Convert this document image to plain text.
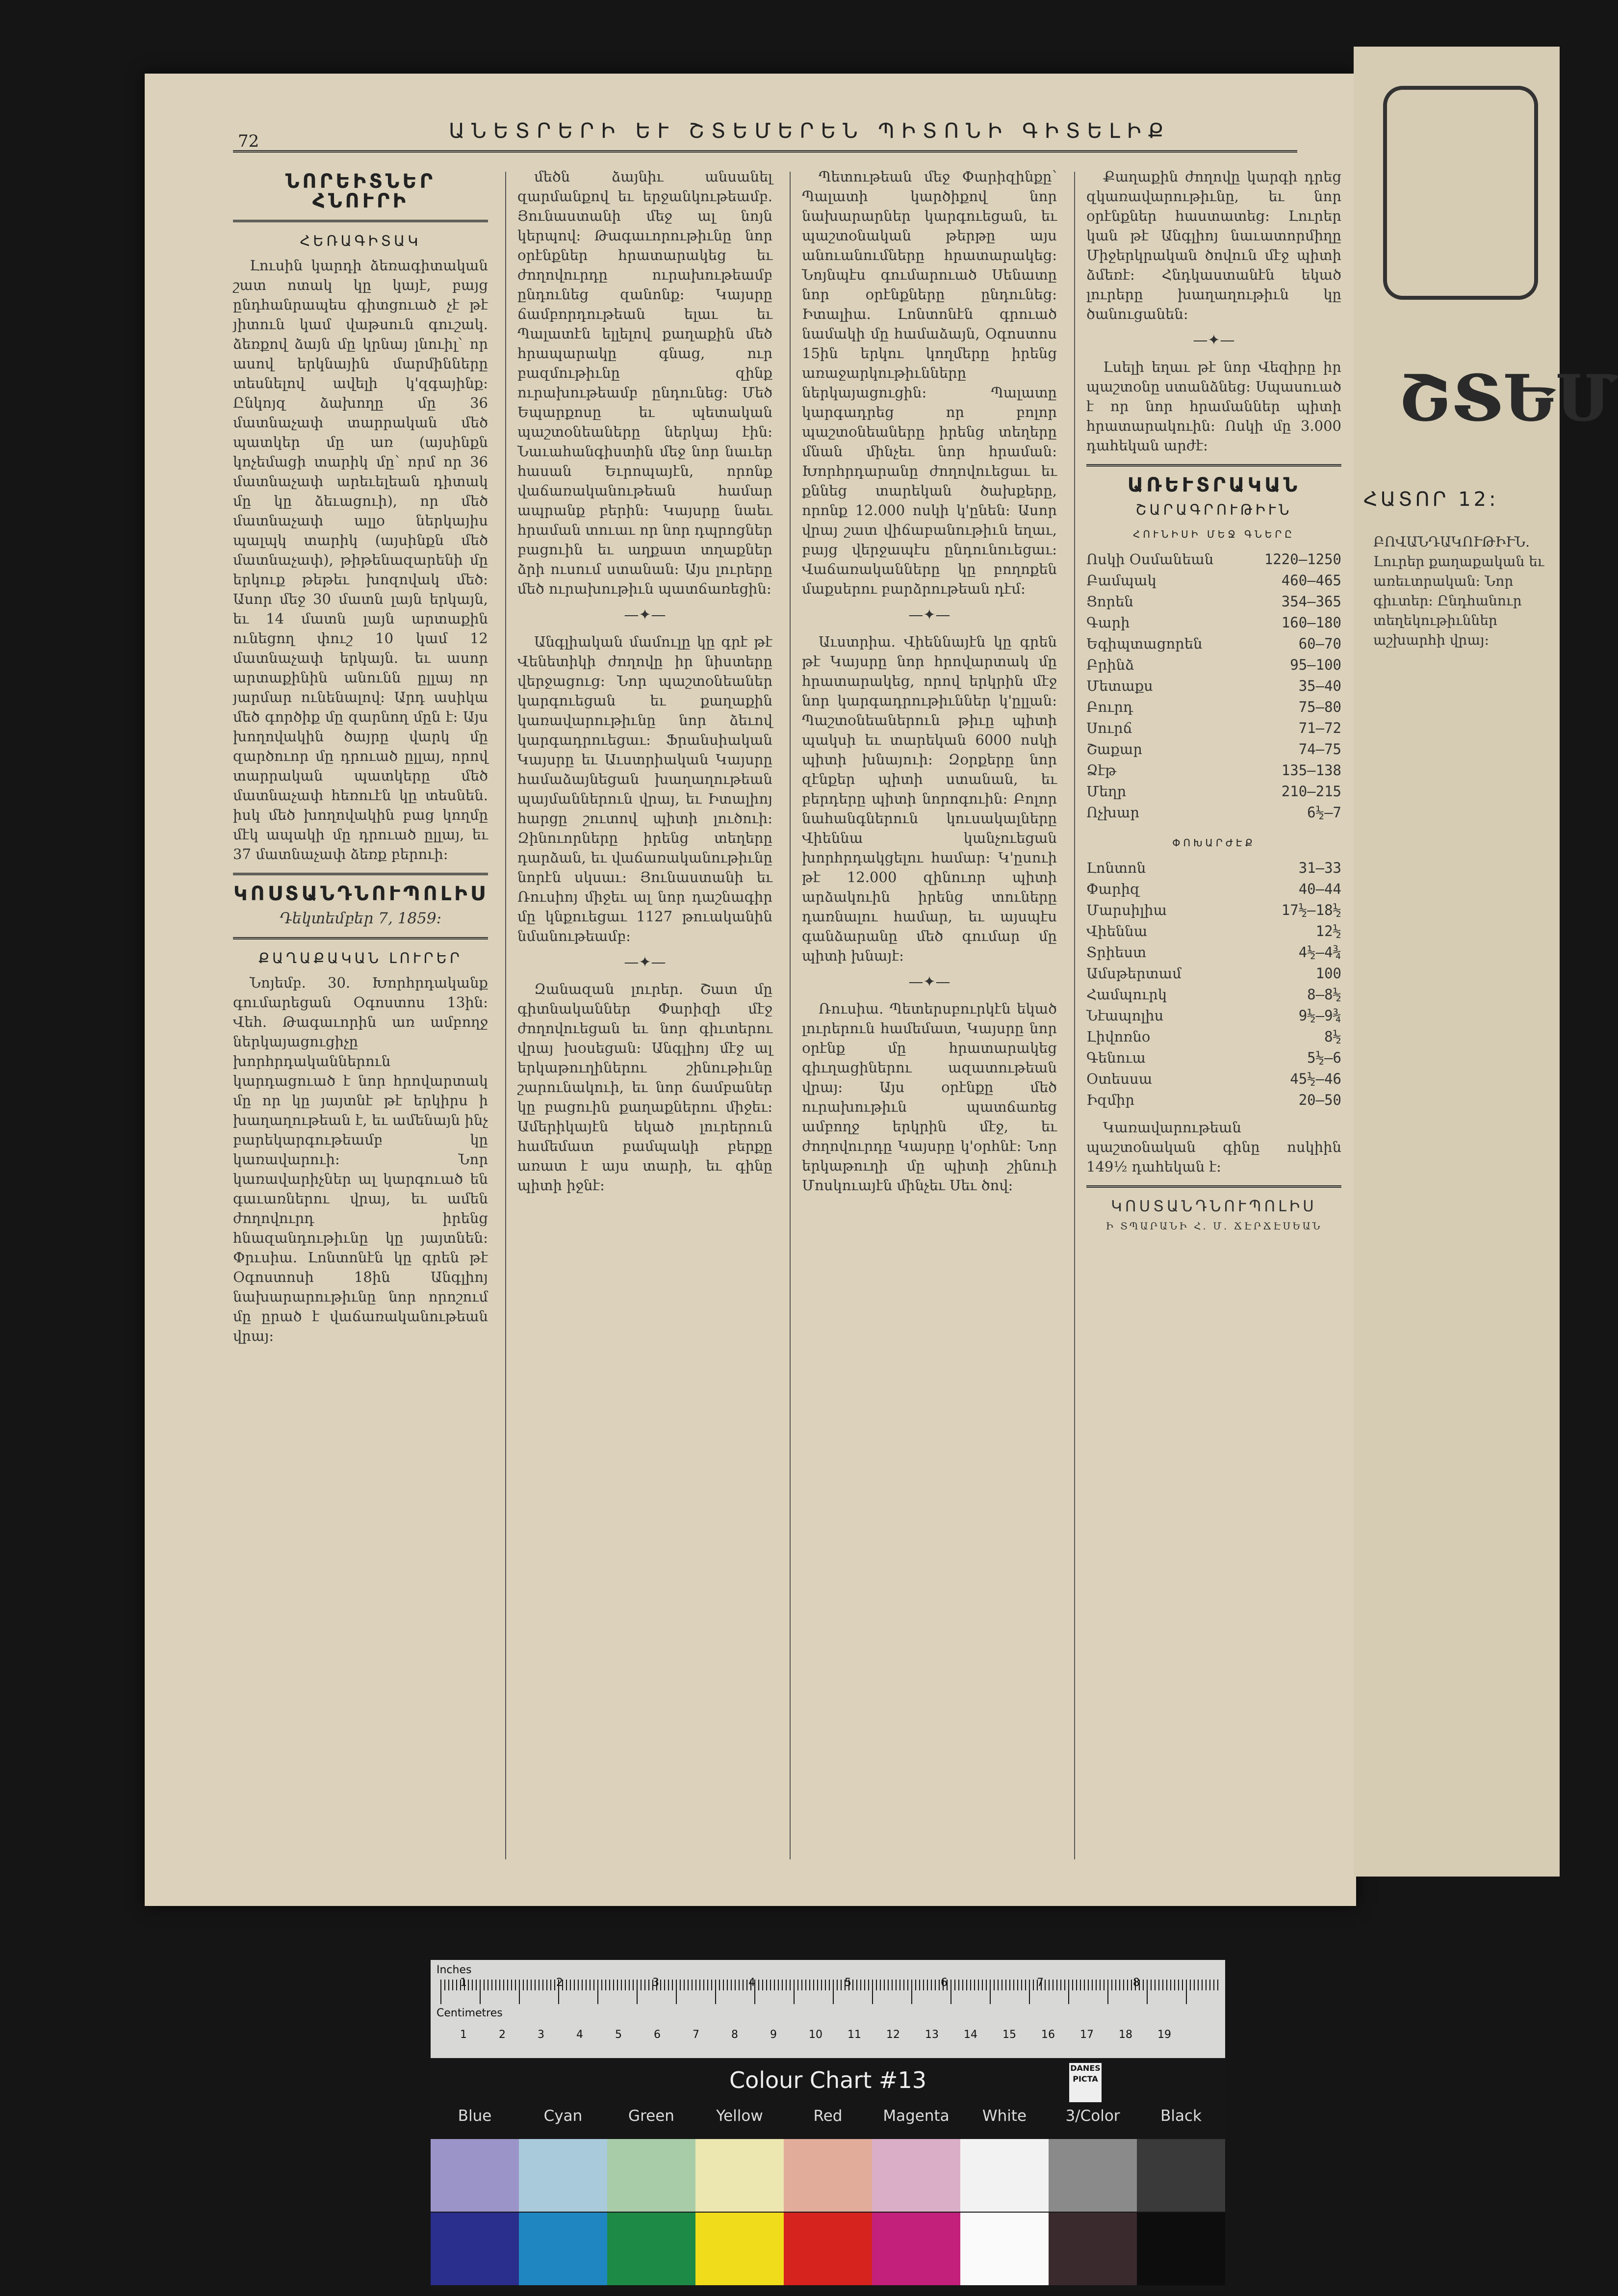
72	ԱՆԵՏՐԵՐԻ ԵՒ ՇՏԵՄԵՐԵՆ ՊԻՏՈՆԻ ԳԻՏԵԼԻՔ
ՆՈՐԵԻՏՆԵՐ ՀՆՈՒՐԻ
ՀԵՌԱԳԻՏԱԿ

Լուսին կարդի ձեռագիտական շատ ոտակ կը կայէ, բայց ընդհանրապես գիտցուած չէ թէ յիտուն կամ վաթսուն գուշակ. ձեռքով ձայն մը կրնայ լնուիլ՝ որ ասով երկնային մարմինները տեսնելով ավելի կ'զգայինք: Ընկոյզ ձախողը մը 36 մատնաչափ տարրական մեծ պատկեր մը առ (այսինքն կոչեմացի տարիկ մը՝ որմ որ 36 մատնաչափ արեւելեան դիտակ մը կը ձեւացուի), որ մեծ մատնաչափ ալլօ ներկայիս պալպկ տարիկ (այսինքն մեծ մատնաչափ), թիթենազարենի մը երկուք թեթեւ խոզովակ մեծ: Ասոր մեջ 30 մատն լայն երկայն, եւ 14 մատն լայն արտաքին ունեցող փուշ 10 կամ 12 մատնաչափ երկայն. եւ ասոր արտաքինին անունն ըլլայ որ յարմար ունենալով: Արդ ասիկա մեծ գործիք մը զարնող մըն է: Այս խողովակին ծայրը վարկ մը զարծուոր մը դրուած ըլլայ, որով տարրական պատկերը մեծ մատնաչափ հեռուէն կը տեսնեն. իսկ մեծ խողովակին բաց կողմը մէկ ապակի մը դրուած ըլլայ, եւ 37 մատնաչափ ձեռք բերուի:

ԿՈՍՏԱՆԴՆՈՒՊՈԼԻՍ
Դեկտեմբեր 7, 1859:
ՔԱՂԱՔԱԿԱՆ ԼՈՒՐԵՐ

Նոյեմբ. 30. Խորհրդականք գումարեցան Օգոստոս 13ին: Վեհ. Թագաւորին առ ամբողջ ներկայացուցիչը խորհրդականներուն կարդացուած է նոր հրովարտակ մը որ կը յայտնէ թէ երկիրս ի խաղաղութեան է, եւ ամենայն ինչ բարեկարգութեամբ կը կառավարուի: Նոր կառավարիչներ ալ կարգուած են գաւառներու վրայ, եւ ամեն ժողովուրդ իրենց հնազանդութիւնը կը յայտնեն: Փրւսիա. Լոնտոնէն կը գրեն թէ Օգոստոսի 18ին Անգլիոյ նախարարութիւնը նոր որոշում մը ըրած է վաճառականութեան վրայ:

մեծն ձայնիւ անսանել զարմանքով եւ երջանկութեամբ. Յունաստանի մեջ ալ նոյն կերպով: Թագաւորութիւնը նոր օրէնքներ հրատարակեց եւ ժողովուրդը ուրախութեամբ ընդունեց զանոնք: Կայսրը ճամբորդութեան ելաւ եւ Պալատէն ելլելով քաղաքին մեծ հրապարակը գնաց, ուր բազմութիւնը զինք ուրախութեամբ ընդունեց: Մեծ Եպարքոսը եւ պետական պաշտօնեաները ներկայ էին: Նաւահանգիստին մեջ նոր նաւեր հասան Եւրոպայէն, որոնք վաճառականութեան համար ապրանք բերին: Կայսրը նաեւ հրաման տուաւ որ նոր դպրոցներ բացուին եւ աղքատ տղաքներ ձրի ուսում ստանան: Այս լուրերը մեծ ուրախութիւն պատճառեցին:

—✦—

Անգլիական մամուլը կը գրէ թէ Վենետիկի ժողովը իր նիստերը վերջացուց: Նոր պաշտօնեաներ կարգուեցան եւ քաղաքին կառավարութիւնը նոր ձեւով կարգադրուեցաւ: Ֆրանսիական Կայսրը եւ Աւստրիական Կայսրը համաձայնեցան խաղաղութեան պայմաններուն վրայ, եւ Իտալիոյ հարցը շուտով պիտի լուծուի: Զինուորները իրենց տեղերը դարձան, եւ վաճառականութիւնը նորէն սկսաւ: Յունաստանի եւ Ռուսիոյ միջեւ ալ նոր դաշնագիր մը կնքուեցաւ 1127 թուականին նմանութեամբ:

—✦—

Զանազան լուրեր. Շատ մը գիտնականներ Փարիզի մէջ ժողովուեցան եւ նոր գիւտերու վրայ խօսեցան: Անգլիոյ մէջ ալ երկաթուղիներու շինութիւնը շարունակուի, եւ նոր ճամբաներ կը բացուին քաղաքներու միջեւ: Ամերիկայէն եկած լուրերուն համեմատ բամպակի բերքը առատ է այս տարի, եւ գինը պիտի իջնէ:

Պետութեան մեջ Փարիզինքը՝ Պալատի կարծիքով նոր նախարարներ կարգուեցան, եւ պաշտօնական թերթը այս անուանումները հրատարակեց: Նոյնպէս գումարուած Սենատը նոր օրէնքները ընդունեց: Իտալիա. Լոնտոնէն գրուած նամակի մը համաձայն, Օգոստոս 15ին երկու կողմերը իրենց առաջարկութիւնները ներկայացուցին: Պալատը կարգադրեց որ բոլոր պաշտօնեաները իրենց տեղերը մնան մինչեւ նոր հրաման: Խորհրդարանը ժողովուեցաւ եւ քննեց տարեկան ծախքերը, որոնք 12.000 ոսկի կ'ընեն: Ասոր վրայ շատ վիճաբանութիւն եղաւ, բայց վերջապէս ընդունուեցաւ: Վաճառականները կը բողոքեն մաքսերու բարձրութեան դէմ:

—✦—

Աւստրիա. Վիեննայէն կը գրեն թէ Կայսրը նոր հրովարտակ մը հրատարակեց, որով երկրին մէջ նոր կարգադրութիւններ կ'ըլլան: Պաշտօնեաներուն թիւը պիտի պակսի եւ տարեկան 6000 ոսկի պիտի խնայուի: Զօրքերը նոր զէնքեր պիտի ստանան, եւ բերդերը պիտի նորոգուին: Բոլոր նահանգներուն կուսակալները Վիեննա կանչուեցան խորհրդակցելու համար: Կ'ըսուի թէ 12.000 զինուոր պիտի արձակուին իրենց տուները դառնալու համար, եւ այսպէս գանձարանը մեծ գումար մը պիտի խնայէ:

—✦—

Ռուսիա. Պետերսբուրկէն եկած լուրերուն համեմատ, Կայսրը նոր օրէնք մը հրատարակեց գիւղացիներու ազատութեան վրայ: Այս օրէնքը մեծ ուրախութիւն պատճառեց ամբողջ երկրին մէջ, եւ ժողովուրդը Կայսրը կ'օրհնէ: Նոր երկաթուղի մը պիտի շինուի Մոսկուայէն մինչեւ Սեւ ծով:

Քաղաքին ժողովը կարգի դրեց զկառավարութիւնը, եւ նոր օրէնքներ հաստատեց: Լուրեր կան թէ Անգլիոյ նաւատորմիղը Միջերկրական ծովուն մէջ պիտի ձմեռէ: Հնդկաստանէն եկած լուրերը խաղաղութիւն կը ծանուցանեն:

—✦—

Լսելի եղաւ թէ նոր Վեզիրը իր պաշտօնը ստանձնեց: Սպասուած է որ նոր հրամաններ պիտի հրատարակուին: Ոսկի մը 3.000 դահեկան արժէ:

ԱՌԵՒՏՐԱԿԱՆ
ՇԱՐԱԳՐՈՒԹԻՒՆ
ՀՈՒՆԻՍԻ ՄԵՋ ԳՆԵՐԸ
Ոսկի Օսմանեան	1220–1250
Բամպակ	460–465
Ցորեն	354–365
Գարի	160–180
Եգիպտացորեն	60–70
Բրինձ	95–100
Մետաքս	35–40
Բուրդ	75–80
Սուրճ	71–72
Շաքար	74–75
Ձէթ	135–138
Մեղր	210–215
Ոչխար	6½–7
ՓՈԽԱՐԺԷՔ
Լոնտոն	31–33
Փարիզ	40–44
Մարսիլիա	17½–18½
Վիեննա	12½
Տրիեստ	4½–4¾
Ամսթերտամ	100
Համպուրկ	8–8½
Նէապոլիս	9½–9¾
Լիվոռնօ	8½
Գենուա	5½–6
Օտեսսա	45½–46
Իզմիր	20–50

Կառավարութեան պաշտօնական գինը ոսկիին 149½ դահեկան է:

ԿՈՍՏԱՆԴՆՈՒՊՈԼԻՍ
Ի ՏՊԱՐԱՆԻ Հ. Մ. ՃԷՐՃԷՍԵԱՆ
ՇՏԵՄ
ՀԱՏՈՐ 12:
ԲՈՎԱՆԴԱԿՈՒԹԻՒՆ. Լուրեր քաղաքական եւ առեւտրական: Նոր գիւտեր: Ընդհանուր տեղեկութիւններ աշխարհի վրայ:
Inches
Centimetres
1	2	3	4	5	6	7	8
1	2	3	4	5	6	7	8	9	10 11 12 13 14 15 16 17 18 19
Colour Chart #13	DANES PICTA
Blue	Cyan	Green	Yellow	Red	Magenta	White	3/Color	Black
